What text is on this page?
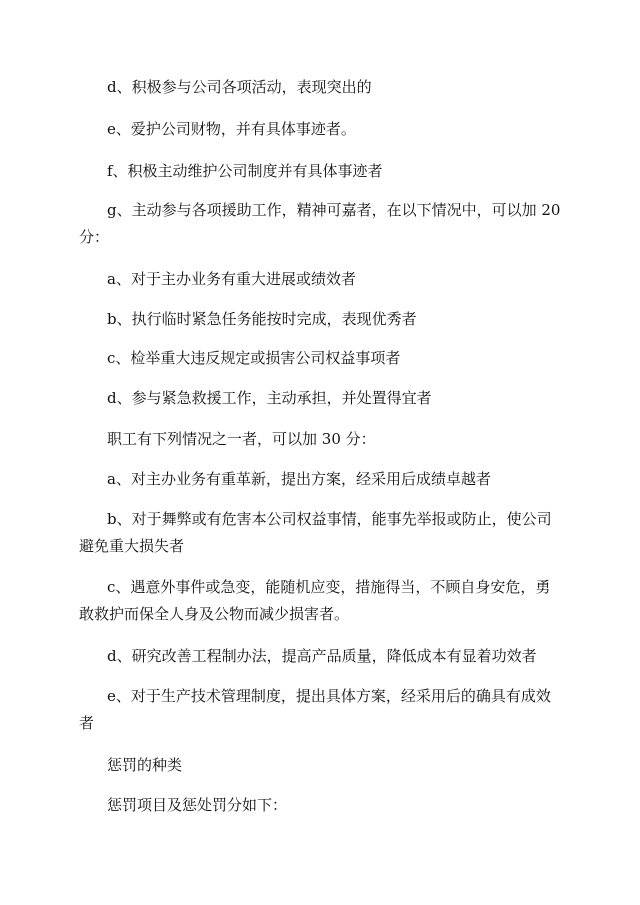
d、积极参与公司各项活动，表现突出的
e、爱护公司财物，并有具体事迹者。
f、积极主动维护公司制度并有具体事迹者
g、主动参与各项援助工作，精神可嘉者，在以下情况中，可以加 20
分：
a、对于主办业务有重大进展或绩效者
b、执行临时紧急任务能按时完成，表现优秀者
c、检举重大违反规定或损害公司权益事项者
d、参与紧急救援工作，主动承担，并处置得宜者
职工有下列情况之一者，可以加 30 分：
a、对主办业务有重革新，提出方案，经采用后成绩卓越者
b、对于舞弊或有危害本公司权益事情，能事先举报或防止，使公司
避免重大损失者
c、遇意外事件或急变，能随机应变，措施得当，不顾自身安危，勇
敢救护而保全人身及公物而减少损害者。
d、研究改善工程制办法，提高产品质量，降低成本有显着功效者
e、对于生产技术管理制度，提出具体方案，经采用后的确具有成效
者
惩罚的种类
惩罚项目及惩处罚分如下：
